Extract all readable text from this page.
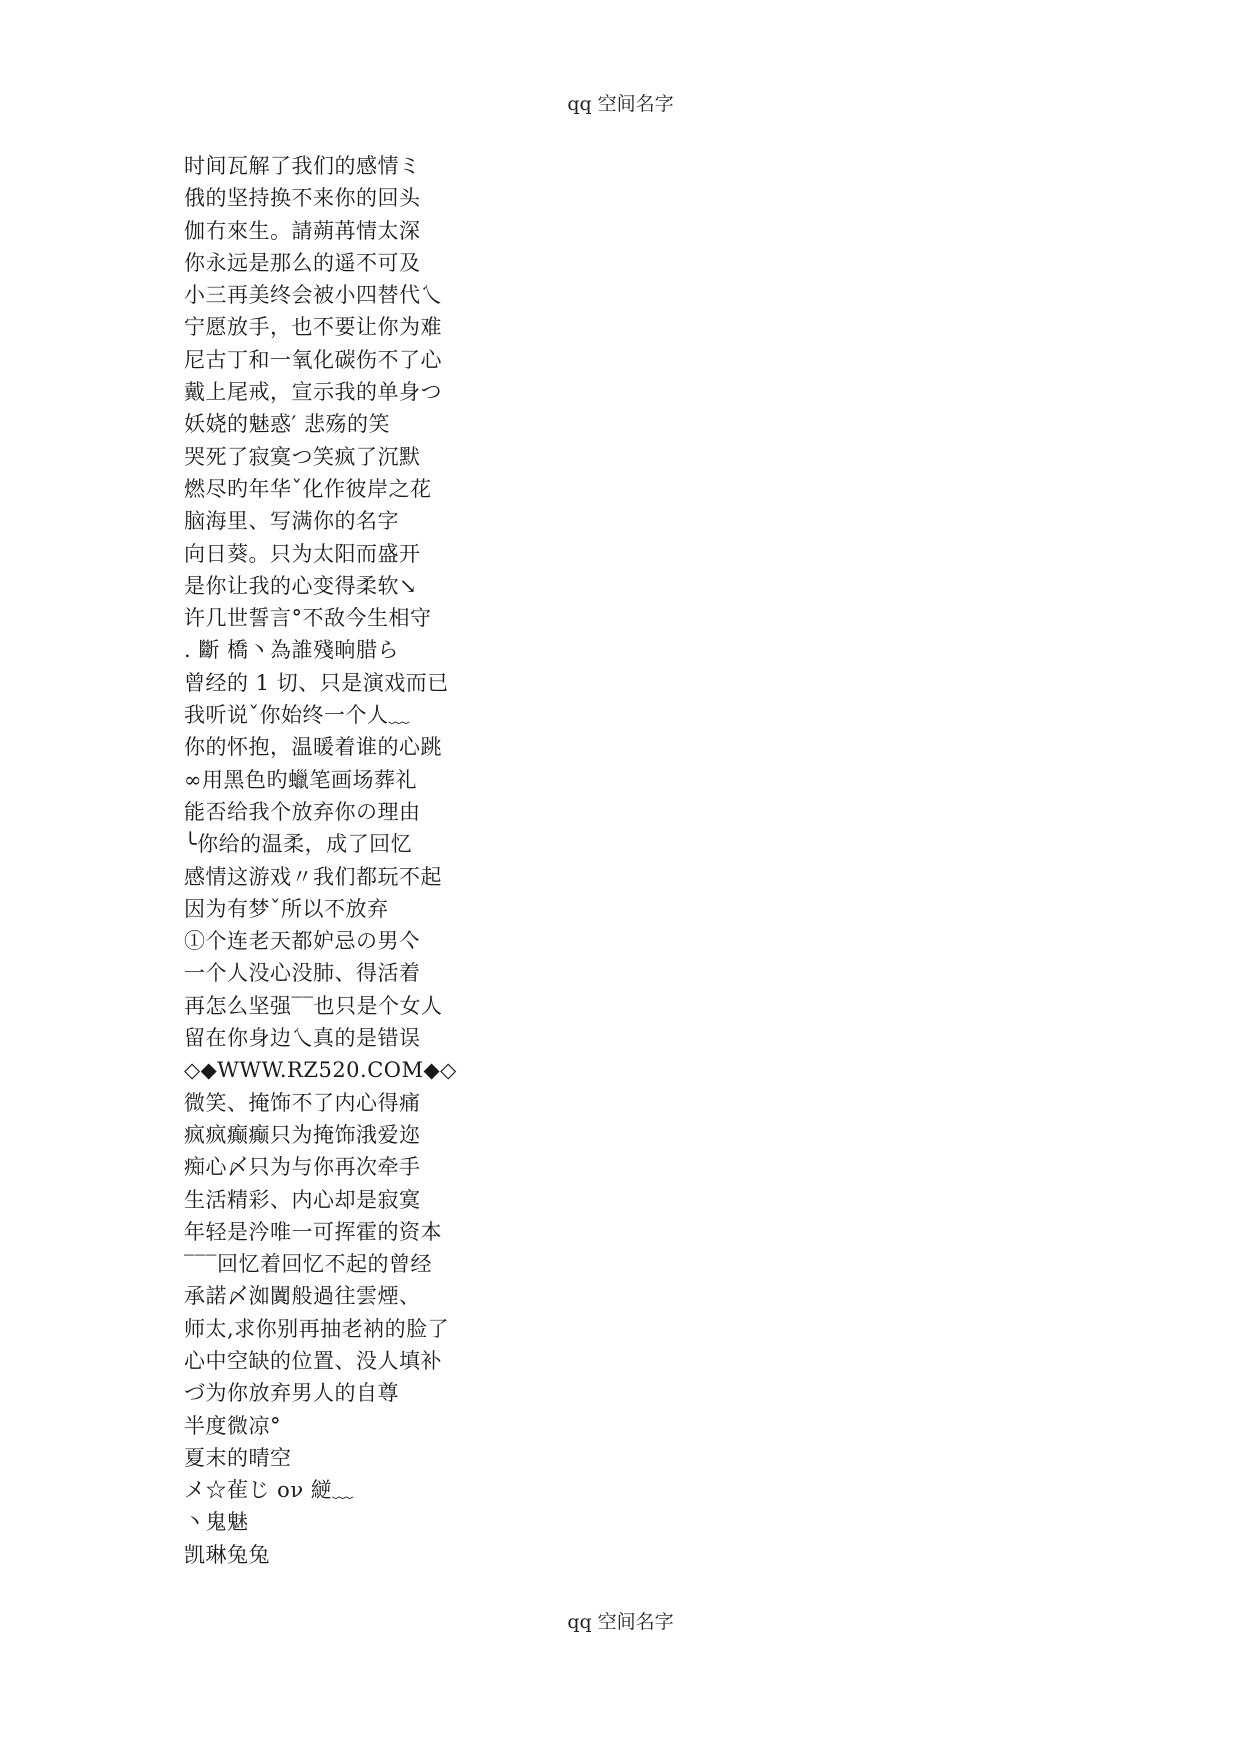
qq 空间名字
时间瓦解了我们的感情ミ
俄的坚持换不来你的回头
伽冇來生。請蒴苒情太深
你永远是那么的遥不可及
小三再美终会被小四替代乀
宁愿放手，也不要让你为难
尼古丁和一氧化碳伤不了心
戴上尾戒，宣示我的单身つ
妖娆的魅惑′ 悲殇的笑
哭死了寂寞つ笑疯了沉默
燃尽旳年华ˇ化作彼岸之花
脑海里、写满你的名字
向日葵。只为太阳而盛开
是你让我的心变得柔软↘
许几世誓言°不敌今生相守
. 斷 橋丶為誰殘晌腊ら
曾经的 1 切、只是演戏而已
我听说ˇ你始终一个人﹏
你的怀抱，温暖着谁的心跳
∞用黑色旳蠟笔画场葬礼
能否给我个放弃你の理由
╰你给的温柔，成了回忆
感情这游戏〃我们都玩不起
因为有梦ˇ所以不放弃
①个连老天都妒忌の男亽
一个人没心没肺、得活着
再怎么坚强‾‾也只是个女人
留在你身边乀真的是错误
◇◆WWW.RZ520.COM◆◇
微笑、掩饰不了内心得痛
疯疯癫癫只为掩饰涐爱迩
痴心〆只为与你再次牵手
生活精彩、内心却是寂寞
年轻是汵唯一可挥霍的资本
‾‾‾回忆着回忆不起的曾经
承諾〆洳闐般過往雲煙、
师太,求你别再抽老衲的脸了
心中空缺的位置、没人填补
づ为你放弃男人的自尊
半度微凉°
夏末的晴空
メ☆雈じ ον 縌﹏
丶鬼魅
凯琳兔兔
qq 空间名字
